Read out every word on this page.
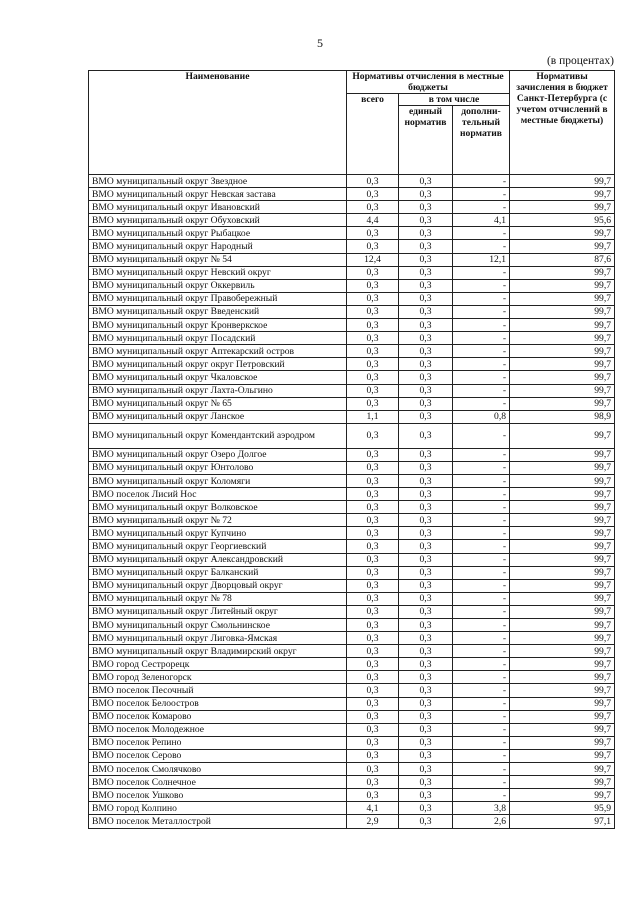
5
(в процентах)
Наименование	Нормативы отчисления в местные бюджеты			Нормативы зачисления в бюджет Санкт-Петербурга (с учетом отчислений в местные бюджеты)
	всего	в том числе		
		единый норматив	дополни-тельный норматив	
ВМО муниципальный округ Звездное	0,3	0,3	-	99,7
ВМО муниципальный округ Невская застава	0,3	0,3	-	99,7
ВМО муниципальный округ Ивановский	0,3	0,3	-	99,7
ВМО муниципальный округ Обуховский	4,4	0,3	4,1	95,6
ВМО муниципальный округ Рыбацкое	0,3	0,3	-	99,7
ВМО муниципальный округ Народный	0,3	0,3	-	99,7
ВМО муниципальный округ № 54	12,4	0,3	12,1	87,6
ВМО муниципальный округ Невский округ	0,3	0,3	-	99,7
ВМО муниципальный округ Оккервиль	0,3	0,3	-	99,7
ВМО муниципальный округ Правобережный	0,3	0,3	-	99,7
ВМО муниципальный округ Введенский	0,3	0,3	-	99,7
ВМО муниципальный округ Кронверкское	0,3	0,3	-	99,7
ВМО муниципальный округ Посадский	0,3	0,3	-	99,7
ВМО муниципальный округ Аптекарский остров	0,3	0,3	-	99,7
ВМО муниципальный округ округ Петровский	0,3	0,3	-	99,7
ВМО муниципальный округ Чкаловское	0,3	0,3	-	99,7
ВМО муниципальный округ Лахта-Ольгино	0,3	0,3	-	99,7
ВМО муниципальный округ № 65	0,3	0,3	-	99,7
ВМО муниципальный округ Ланское	1,1	0,3	0,8	98,9
ВМО муниципальный округ Комендантский аэродром	0,3	0,3	-	99,7
ВМО муниципальный округ Озеро Долгое	0,3	0,3	-	99,7
ВМО муниципальный округ Юнтолово	0,3	0,3	-	99,7
ВМО муниципальный округ Коломяги	0,3	0,3	-	99,7
ВМО поселок Лисий Нос	0,3	0,3	-	99,7
ВМО муниципальный округ Волковское	0,3	0,3	-	99,7
ВМО муниципальный округ № 72	0,3	0,3	-	99,7
ВМО муниципальный округ Купчино	0,3	0,3	-	99,7
ВМО муниципальный округ Георгиевский	0,3	0,3	-	99,7
ВМО муниципальный округ Александровский	0,3	0,3	-	99,7
ВМО муниципальный округ Балканский	0,3	0,3	-	99,7
ВМО муниципальный округ Дворцовый округ	0,3	0,3	-	99,7
ВМО муниципальный округ № 78	0,3	0,3	-	99,7
ВМО муниципальный округ Литейный округ	0,3	0,3	-	99,7
ВМО муниципальный округ Смольнинское	0,3	0,3	-	99,7
ВМО муниципальный округ Лиговка-Ямская	0,3	0,3	-	99,7
ВМО муниципальный округ Владимирский округ	0,3	0,3	-	99,7
ВМО город Сестрорецк	0,3	0,3	-	99,7
ВМО город Зеленогорск	0,3	0,3	-	99,7
ВМО поселок Песочный	0,3	0,3	-	99,7
ВМО поселок Белоостров	0,3	0,3	-	99,7
ВМО поселок Комарово	0,3	0,3	-	99,7
ВМО поселок Молодежное	0,3	0,3	-	99,7
ВМО поселок Репино	0,3	0,3	-	99,7
ВМО поселок Серово	0,3	0,3	-	99,7
ВМО поселок Смолячково	0,3	0,3	-	99,7
ВМО поселок Солнечное	0,3	0,3	-	99,7
ВМО поселок Ушково	0,3	0,3	-	99,7
ВМО город Колпино	4,1	0,3	3,8	95,9
ВМО поселок Металлострой	2,9	0,3	2,6	97,1
